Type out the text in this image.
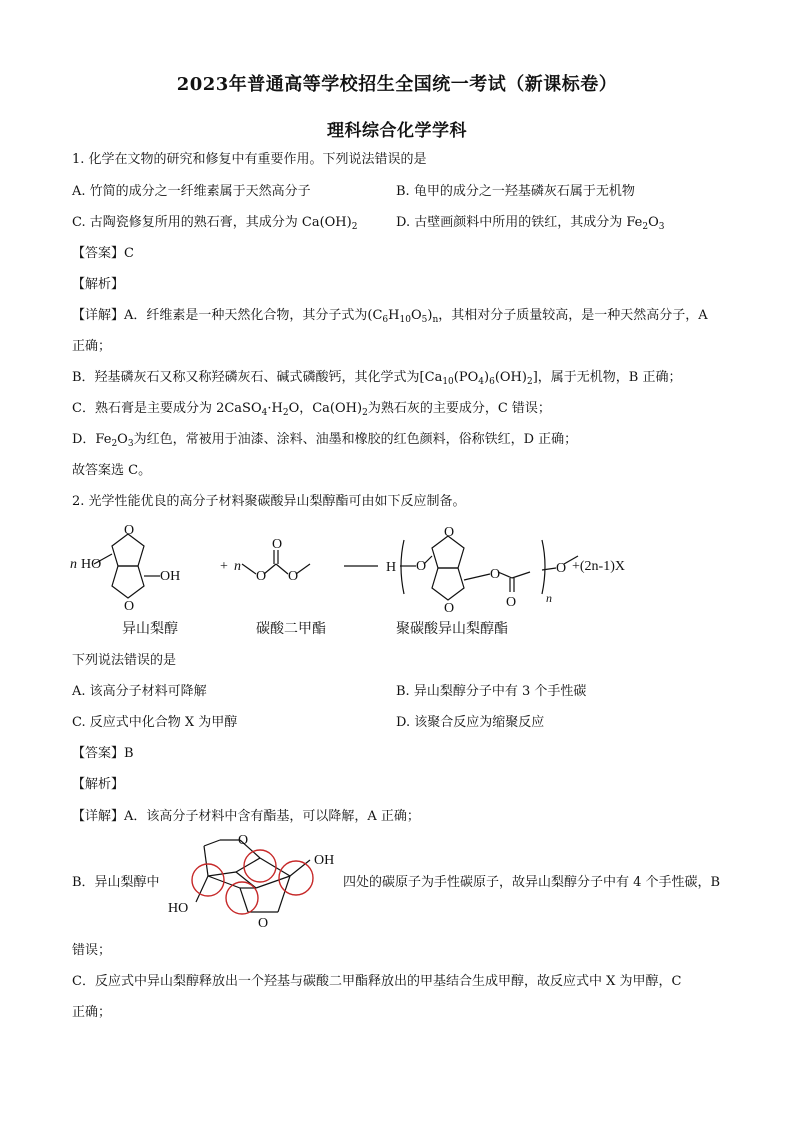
2023年普通高等学校招生全国统一考试（新课标卷）
理科综合化学学科
1. 化学在文物的研究和修复中有重要作用。下列说法错误的是
A. 竹简的成分之一纤维素属于天然高分子	B. 龟甲的成分之一羟基磷灰石属于无机物
C. 古陶瓷修复所用的熟石膏，其成分为 $Ca(OH)_2$	D. 古壁画颜料中所用的铁红，其成分为 $Fe_2O_3$
【答案】C
【解析】
【详解】A．纤维素是一种天然化合物，其分子式为$(C_6H_{10}O_5)_n$，其相对分子质量较高，是一种天然高分子，A
正确；
B．羟基磷灰石又称又称羟磷灰石、碱式磷酸钙，其化学式为$[Ca_{10}(PO_4)_6(OH)_2]$，属于无机物，B 正确；
C．熟石膏是主要成分为 $2CaSO_4\cdot H_2O$，$Ca(OH)_2$为熟石灰的主要成分，C 错误；
D．$Fe_2O_3$为红色，常被用于油漆、涂料、油墨和橡胶的红色颜料，俗称铁红，D 正确；
故答案选 C。
2. 光学性能优良的高分子材料聚碳酸异山梨醇酯可由如下反应制备。
n HO
OH
O
O
+ n
O
O
O
H O
O
O
O
O
O
n
+(2n-1)X
异山梨醇	碳酸二甲酯	聚碳酸异山梨醇酯
下列说法错误的是
A. 该高分子材料可降解	B. 异山梨醇分子中有 3 个手性碳
C. 反应式中化合物 X 为甲醇	D. 该聚合反应为缩聚反应
【答案】B
【解析】
【详解】A．该高分子材料中含有酯基，可以降解，A 正确；
B．异山梨醇中
O
O
OH
HO
四处的碳原子为手性碳原子，故异山梨醇分子中有 4 个手性碳，B
错误；
C．反应式中异山梨醇释放出一个羟基与碳酸二甲酯释放出的甲基结合生成甲醇，故反应式中 X 为甲醇，C
正确；
